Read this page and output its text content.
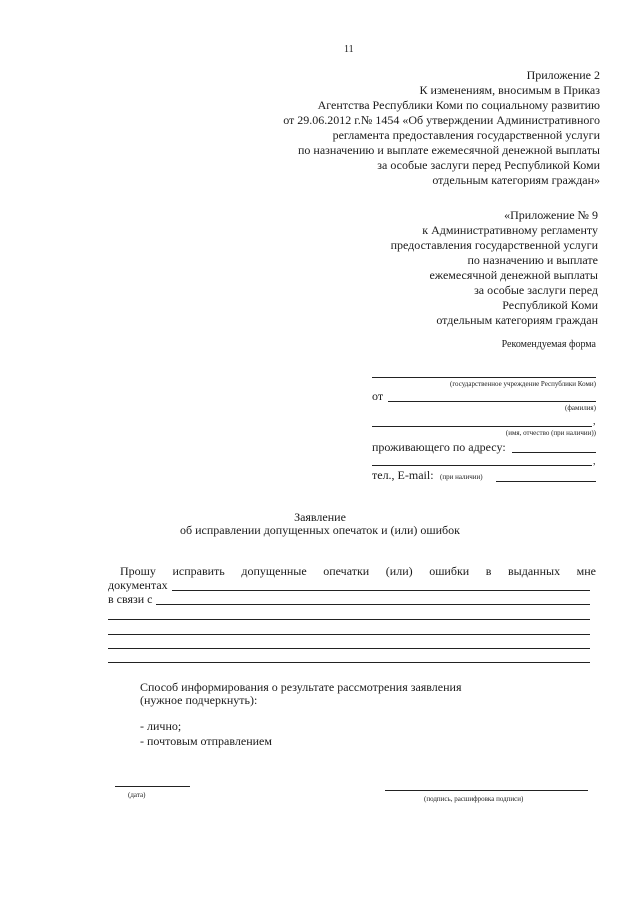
11
Приложение 2
К изменениям, вносимым в Приказ
Агентства Республики Коми по социальному развитию
от 29.06.2012 г.№ 1454 «Об утверждении Административного
регламента предоставления государственной услуги
по назначению и выплате ежемесячной денежной выплаты
за особые заслуги перед Республикой Коми
отдельным категориям граждан»
«Приложение № 9
к Административному регламенту
предоставления государственной услуги
по назначению и выплате
ежемесячной денежной выплаты
за особые заслуги перед
Республикой Коми
отдельным категориям граждан
Рекомендуемая форма
(государственное учреждение Республики Коми)
от
(фамилия)
,
(имя, отчество (при наличии))
проживающего по адресу:
,
тел., E-mail: (при наличии)
Заявление
об исправлении допущенных опечаток и (или) ошибок
Прошу исправить допущенные опечатки (или) ошибки в выданных мне
документах
в связи с
Способ информирования о результате рассмотрения заявления
(нужное подчеркнуть):
- лично;
- почтовым отправлением
(дата)	(подпись, расшифровка подписи)
